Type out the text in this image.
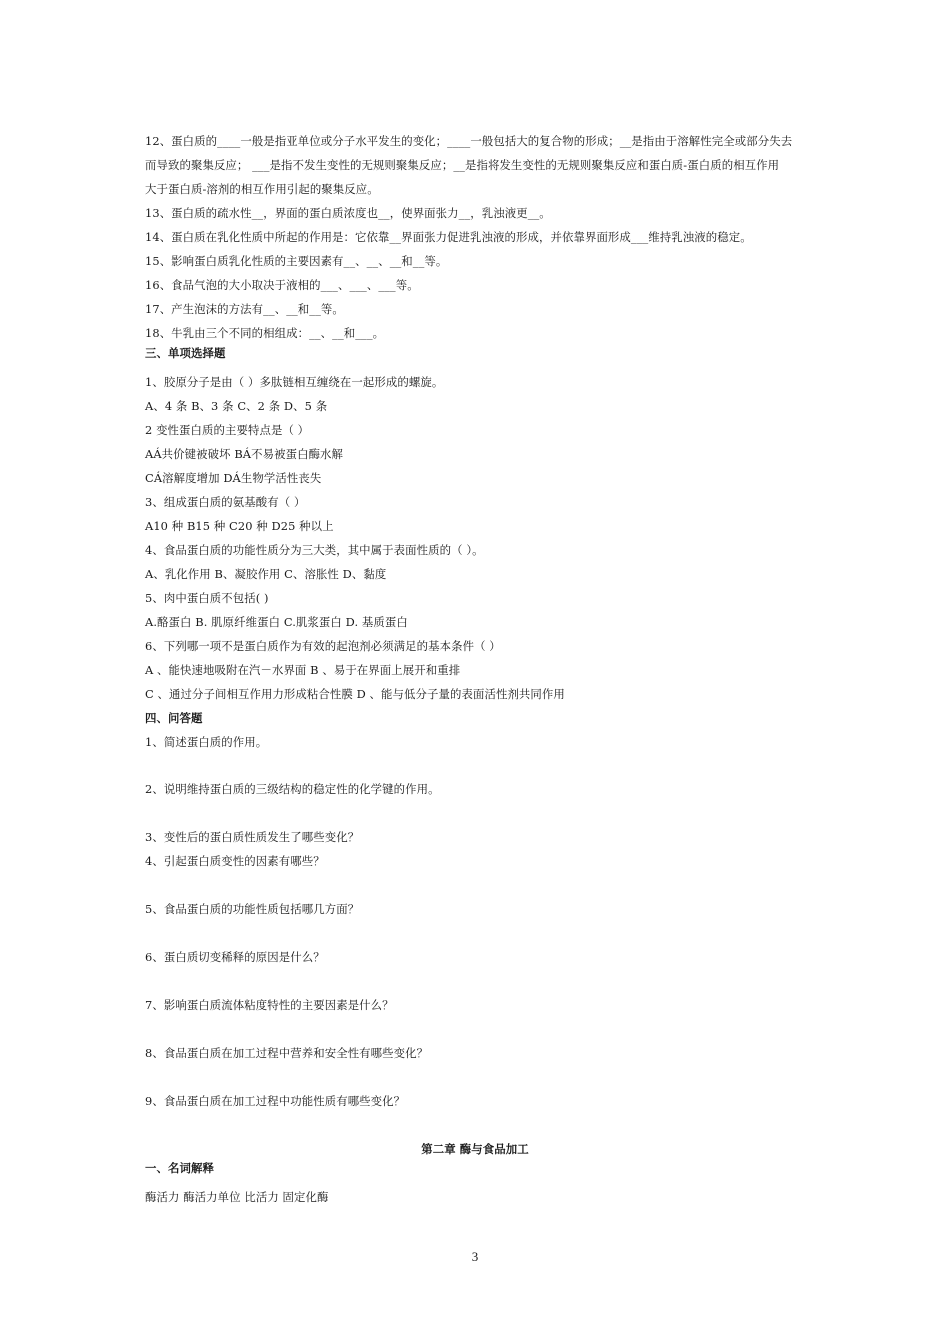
12、蛋白质的____一般是指亚单位或分子水平发生的变化；____一般包括大的复合物的形成；__是指由于溶解性完全或部分失去
而导致的聚集反应； ___是指不发生变性的无规则聚集反应；__是指将发生变性的无规则聚集反应和蛋白质-蛋白质的相互作用
大于蛋白质-溶剂的相互作用引起的聚集反应。
13、蛋白质的疏水性__，界面的蛋白质浓度也__，使界面张力__，乳浊液更__。
14、蛋白质在乳化性质中所起的作用是：它依靠__界面张力促进乳浊液的形成，并依靠界面形成___维持乳浊液的稳定。
15、影响蛋白质乳化性质的主要因素有__、__、__和__等。
16、食品气泡的大小取决于液相的___、___、___等。
17、产生泡沫的方法有__、__和__等。
18、牛乳由三个不同的相组成：__、__和___。
三、单项选择题
1、胶原分子是由（ ）多肽链相互缠绕在一起形成的螺旋。
A、4 条 B、3 条 C、2 条 D、5 条
2 变性蛋白质的主要特点是（ ）
AÁ共价键被破坏 BÁ不易被蛋白酶水解
CÁ溶解度增加 DÁ生物学活性丧失
3、组成蛋白质的氨基酸有（ ）
A10 种 B15 种 C20 种 D25 种以上
4、食品蛋白质的功能性质分为三大类，其中属于表面性质的（ ）。
A、乳化作用 B、凝胶作用 C、溶胀性 D、黏度
5、肉中蛋白质不包括( )
A.酪蛋白 B. 肌原纤维蛋白 C.肌浆蛋白 D. 基质蛋白
6、下列哪一项不是蛋白质作为有效的起泡剂必须满足的基本条件（ ）
A 、能快速地吸附在汽－水界面 B 、易于在界面上展开和重排
C 、通过分子间相互作用力形成粘合性膜 D 、能与低分子量的表面活性剂共同作用
四、问答题
1、简述蛋白质的作用。
2、说明维持蛋白质的三级结构的稳定性的化学键的作用。
3、变性后的蛋白质性质发生了哪些变化？
4、引起蛋白质变性的因素有哪些？
5、食品蛋白质的功能性质包括哪几方面？
6、蛋白质切变稀释的原因是什么？
7、影响蛋白质流体粘度特性的主要因素是什么？
8、食品蛋白质在加工过程中营养和安全性有哪些变化？
9、食品蛋白质在加工过程中功能性质有哪些变化？
第二章 酶与食品加工
一、名词解释
酶活力 酶活力单位 比活力 固定化酶
3
